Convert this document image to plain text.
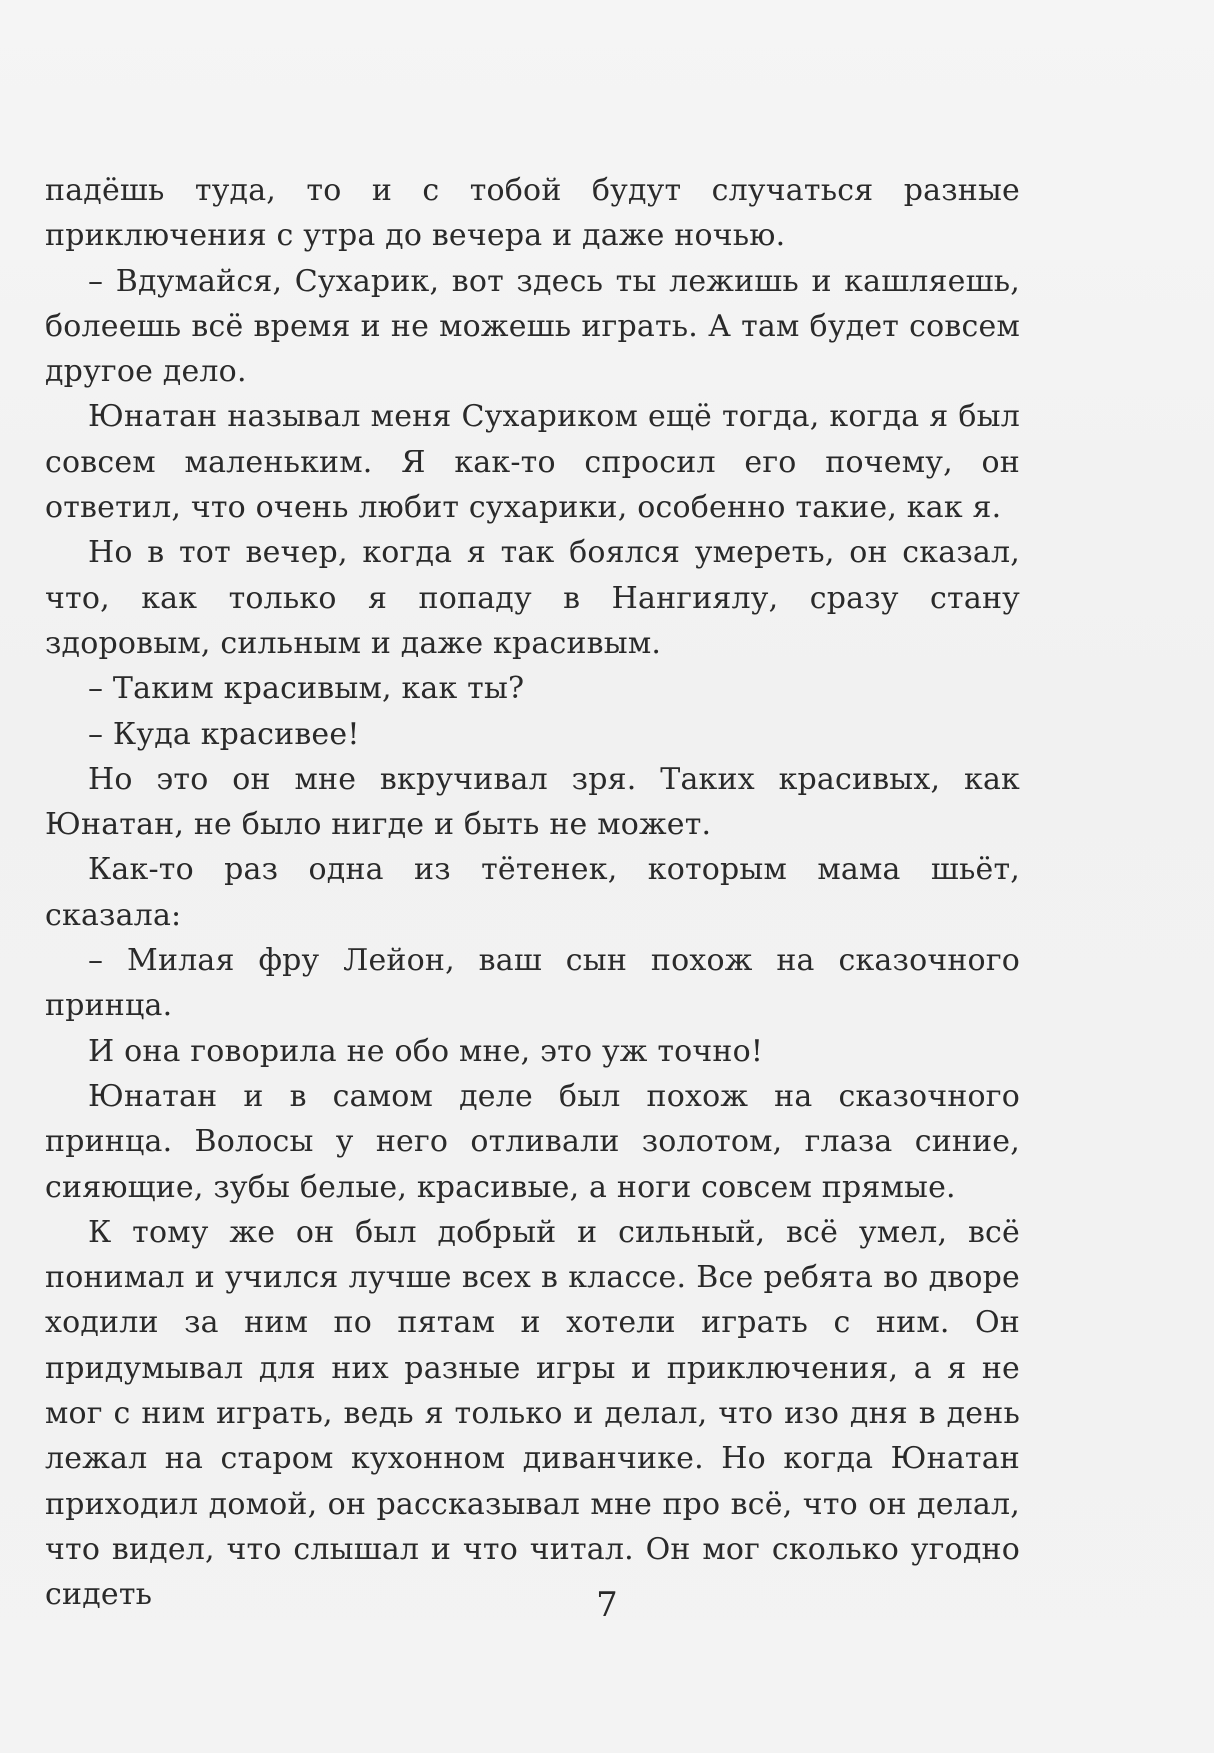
падёшь туда, то и с тобой будут случаться разные приключения с утра до вечера и даже ночью.

– Вдумайся, Сухарик, вот здесь ты лежишь и кашляешь, болеешь всё время и не можешь играть. А там будет совсем другое дело.

Юнатан называл меня Сухариком ещё тогда, когда я был совсем маленьким. Я как-то спросил его почему, он ответил, что очень любит сухарики, особенно такие, как я.

Но в тот вечер, когда я так боялся умереть, он сказал, что, как только я попаду в Нангиялу, сразу стану здоровым, сильным и даже красивым.

– Таким красивым, как ты?

– Куда красивее!

Но это он мне вкручивал зря. Таких красивых, как Юнатан, не было нигде и быть не может.

Как-то раз одна из тётенек, которым мама шьёт, сказала:

– Милая фру Лейон, ваш сын похож на сказочного принца.

И она говорила не обо мне, это уж точно!

Юнатан и в самом деле был похож на сказочного принца. Волосы у него отливали золотом, глаза синие, сияющие, зубы белые, красивые, а ноги совсем прямые.

К тому же он был добрый и сильный, всё умел, всё понимал и учился лучше всех в классе. Все ребята во дворе ходили за ним по пятам и хотели играть с ним. Он придумывал для них разные игры и приключения, а я не мог с ним играть, ведь я только и делал, что изо дня в день лежал на старом кухонном диванчике. Но когда Юнатан приходил домой, он рассказывал мне про всё, что он делал, что видел, что слышал и что читал. Он мог сколько угодно сидеть	7
